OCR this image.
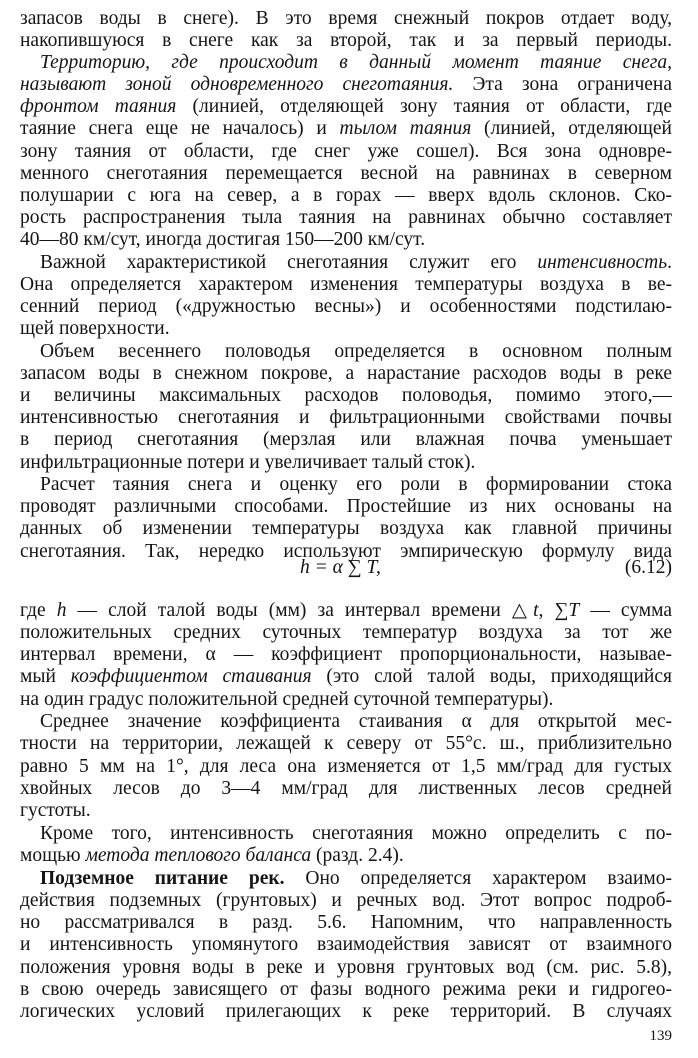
запасов воды в снеге). В это время снежный покров отдает воду,
накопившуюся в снеге как за второй, так и за первый периоды.
Территорию, где происходит в данный момент таяние снега,
называют зоной одновременного снеготаяния. Эта зона ограничена
фронтом таяния (линией, отделяющей зону таяния от области, где
таяние снега еще не началось) и тылом таяния (линией, отделяющей
зону таяния от области, где снег уже сошел). Вся зона одновре-
менного снеготаяния перемещается весной на равнинах в северном
полушарии с юга на север, а в горах — вверх вдоль склонов. Ско-
рость распространения тыла таяния на равнинах обычно составляет
40—80 км/сут, иногда достигая 150—200 км/сут.
Важной характеристикой снеготаяния служит его интенсивность.
Она определяется характером изменения температуры воздуха в ве-
сенний период («дружностью весны») и особенностями подстилаю-
щей поверхности.
Объем весеннего половодья определяется в основном полным
запасом воды в снежном покрове, а нарастание расходов воды в реке
и величины максимальных расходов половодья, помимо этого,—
интенсивностью снеготаяния и фильтрационными свойствами почвы
в период снеготаяния (мерзлая или влажная почва уменьшает
инфильтрационные потери и увеличивает талый сток).
Расчет таяния снега и оценку его роли в формировании стока
проводят различными способами. Простейшие из них основаны на
данных об изменении температуры воздуха как главной причины
снеготаяния. Так, нередко используют эмпирическую формулу вида
где h — слой талой воды (мм) за интервал времени △t, ∑T — сумма
положительных средних суточных температур воздуха за тот же
интервал времени, α — коэффициент пропорциональности, называе-
мый коэффициентом стаивания (это слой талой воды, приходящийся
на один градус положительной средней суточной температуры).
Среднее значение коэффициента стаивания α для открытой мес-
тности на территории, лежащей к северу от 55°с. ш., приблизительно
равно 5 мм на 1°, для леса она изменяется от 1,5 мм/град для густых
хвойных лесов до 3—4 мм/град для лиственных лесов средней
густоты.
Кроме того, интенсивность снеготаяния можно определить с по-
мощью метода теплового баланса (разд. 2.4).
Подземное питание рек. Оно определяется характером взаимо-
действия подземных (грунтовых) и речных вод. Этот вопрос подроб-
но рассматривался в разд. 5.6. Напомним, что направленность
и интенсивность упомянутого взаимодействия зависят от взаимного
положения уровня воды в реке и уровня грунтовых вод (см. рис. 5.8),
в свою очередь зависящего от фазы водного режима реки и гидрогео-
логических условий прилегающих к реке территорий. В случаях
h = α ∑ T,	(6.12)
139
